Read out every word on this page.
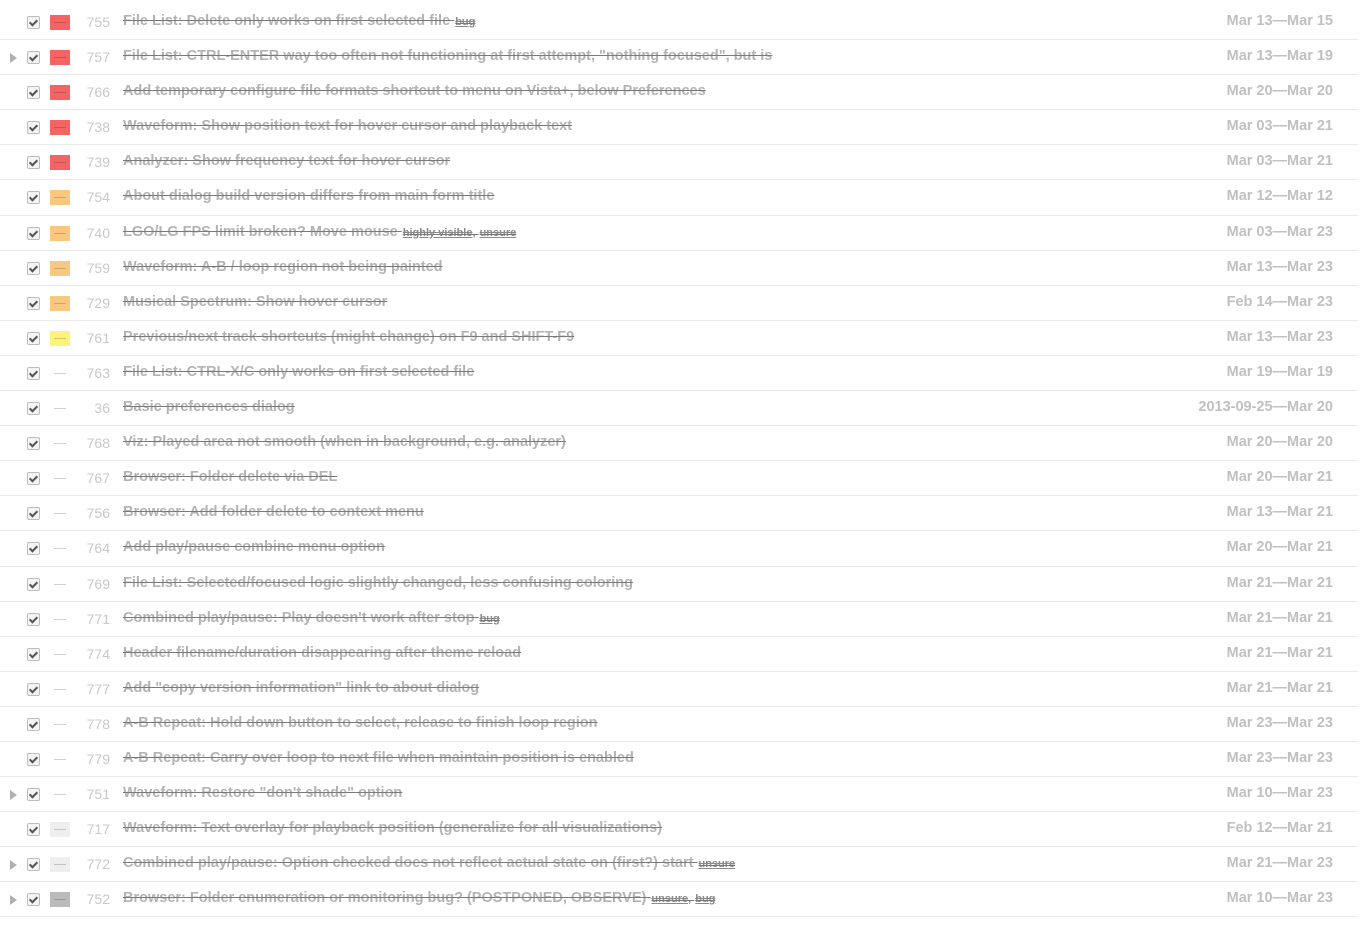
755 File List: Delete only works on first selected file bug	Mar 13—Mar 15
757 File List: CTRL-ENTER way too often not functioning at first attempt, "nothing focused", but is	Mar 13—Mar 19
766 Add temporary configure file formats shortcut to menu on Vista+, below Preferences	Mar 20—Mar 20
738 Waveform: Show position text for hover cursor and playback text	Mar 03—Mar 21
739 Analyzer: Show frequency text for hover cursor	Mar 03—Mar 21
754 About dialog build version differs from main form title	Mar 12—Mar 12
740 LGO/LG FPS limit broken? Move mouse highly visible, unsure	Mar 03—Mar 23
759 Waveform: A-B / loop region not being painted	Mar 13—Mar 23
729 Musical Spectrum: Show hover cursor	Feb 14—Mar 23
761 Previous/next track shortcuts (might change) on F9 and SHIFT-F9	Mar 13—Mar 23
763 File List: CTRL-X/C only works on first selected file	Mar 19—Mar 19
36 Basic preferences dialog	2013-09-25—Mar 20
768 Viz: Played area not smooth (when in background, e.g. analyzer)	Mar 20—Mar 20
767 Browser: Folder delete via DEL	Mar 20—Mar 21
756 Browser: Add folder delete to context menu	Mar 13—Mar 21
764 Add play/pause combine menu option	Mar 20—Mar 21
769 File List: Selected/focused logic slightly changed, less confusing coloring	Mar 21—Mar 21
771 Combined play/pause: Play doesn't work after stop bug	Mar 21—Mar 21
774 Header filename/duration disappearing after theme reload	Mar 21—Mar 21
777 Add "copy version information" link to about dialog	Mar 21—Mar 21
778 A-B Repeat: Hold down button to select, release to finish loop region	Mar 23—Mar 23
779 A-B Repeat: Carry over loop to next file when maintain position is enabled	Mar 23—Mar 23
751 Waveform: Restore "don't shade" option	Mar 10—Mar 23
717 Waveform: Text overlay for playback position (generalize for all visualizations)	Feb 12—Mar 21
772 Combined play/pause: Option checked does not reflect actual state on (first?) start unsure	Mar 21—Mar 23
752 Browser: Folder enumeration or monitoring bug? (POSTPONED, OBSERVE) unsure, bug	Mar 10—Mar 23
